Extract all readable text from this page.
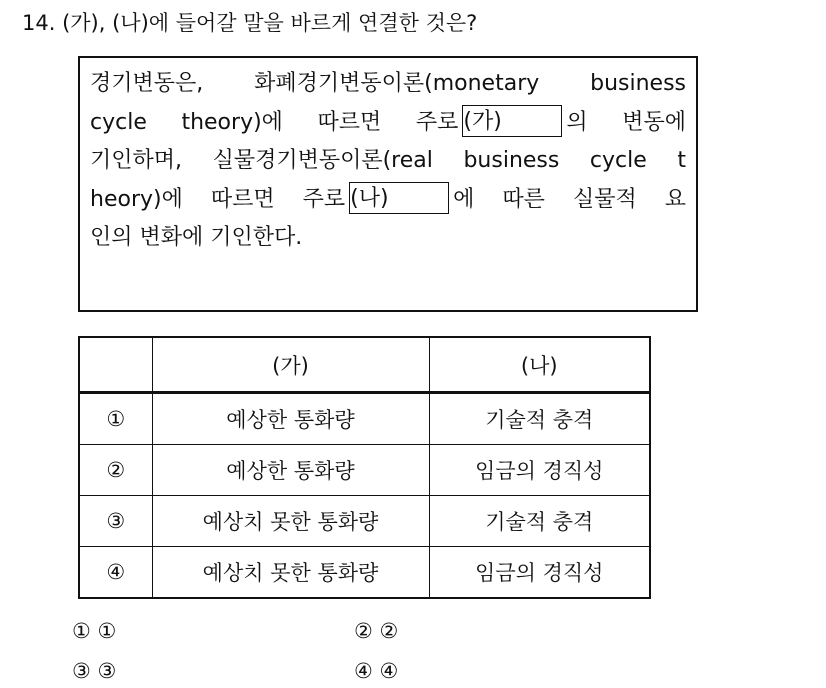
14. (가), (나)에 들어갈 말을 바르게 연결한 것은?
경기변동은, 화폐경기변동이론(monetary business
cycle theory)에 따르면 주로 (가)	의 변동에
기인하며, 실물경기변동이론(real business cycle t
heory)에 따르면 주로 (나)	에 따른 실물적 요
인의 변화에 기인한다.
	(가)	(나)
①	예상한 통화량	기술적 충격
②	예상한 통화량	임금의 경직성
③	예상치 못한 통화량	기술적 충격
④	예상치 못한 통화량	임금의 경직성
① ①	② ②
③ ③	④ ④
